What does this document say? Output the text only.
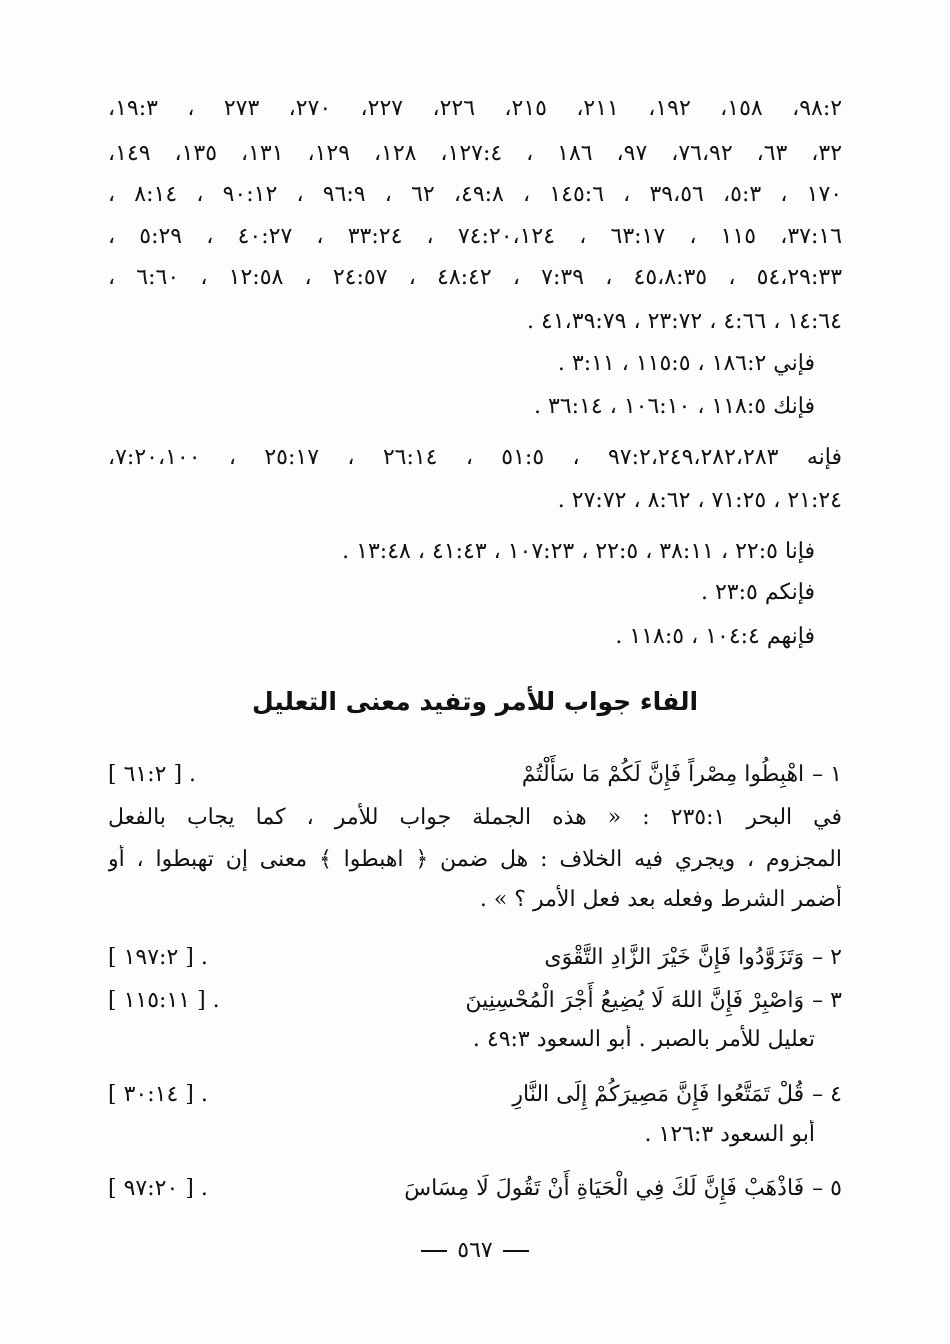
٩٨:٢، ١٥٨، ١٩٢، ٢١١، ٢١٥، ٢٢٦، ٢٢٧، ٢٧٠، ٢٧٣ ، ١٩:٣،
٣٢، ٦٣، ٧٦،٩٢، ٩٧، ١٨٦ ، ١٢٧:٤، ١٢٨، ١٢٩، ١٣١، ١٣٥، ١٤٩،
١٧٠ ، ٥:٣، ٣٩،٥٦ ، ١٤٥:٦ ، ٤٩:٨، ٦٢ ، ٩٦:٩ ، ٩٠:١٢ ، ٨:١٤ ،
٣٧:١٦، ١١٥ ، ٦٣:١٧ ، ٧٤:٢٠،١٢٤ ، ٣٣:٢٤ ، ٤٠:٢٧ ، ٥:٢٩ ،
٥٤،٢٩:٣٣ ، ٤٥،٨:٣٥ ، ٧:٣٩ ، ٤٨:٤٢ ، ٢٤:٥٧ ، ١٢:٥٨ ، ٦:٦٠ ،
١٤:٦٤ ، ٤:٦٦ ، ٢٣:٧٢ ، ٤١،٣٩:٧٩ .
فإني ١٨٦:٢ ، ١١٥:٥ ، ٣:١١ .
فإنك ١١٨:٥ ، ١٠٦:١٠ ، ٣٦:١٤ .
فإنه ٩٧:٢،٢٤٩،٢٨٢،٢٨٣ ، ٥١:٥ ، ٢٦:١٤ ، ٢٥:١٧ ، ٧:٢٠،١٠٠،
٢١:٢٤ ، ٧١:٢٥ ، ٨:٦٢ ، ٢٧:٧٢ .
فإنا ٢٢:٥ ، ٣٨:١١ ، ٢٢:٥ ، ١٠٧:٢٣ ، ٤١:٤٣ ، ١٣:٤٨ .
فإنكم ٢٣:٥ .
فإنهم ١٠٤:٤ ، ١١٨:٥ .
الفاء جواب للأمر وتفيد معنى التعليل
١ –اهْبِطُوا مِصْراً فَإِنَّ لَكُمْ مَا سَأَلْتُمْ
[ ٦١:٢ ] .
في البحر ٢٣٥:١ : « هذه الجملة جواب للأمر ، كما يجاب بالفعل
المجزوم ، ويجري فيه الخلاف : هل ضمن ﴿ اهبطوا ﴾ معنى إن تهبطوا ، أو
أضمر الشرط وفعله بعد فعل الأمر ؟ » .
٢ –وَتَزَوَّدُوا فَإِنَّ خَيْرَ الزَّادِ التَّقْوَى
[ ١٩٧:٢ ] .
٣ –وَاصْبِرْ فَإِنَّ اللهَ لَا يُضِيعُ أَجْرَ الْمُحْسِنِينَ
[ ١١٥:١١ ] .
تعليل للأمر بالصبر . أبو السعود ٤٩:٣ .
٤ –قُلْ تَمَتَّعُوا فَإِنَّ مَصِيرَكُمْ إِلَى النَّارِ
[ ٣٠:١٤ ] .
أبو السعود ١٢٦:٣ .
٥ –فَاذْهَبْ فَإِنَّ لَكَ فِي الْحَيَاةِ أَنْ تَقُولَ لَا مِسَاسَ
[ ٩٧:٢٠ ] .
٥٦٧
